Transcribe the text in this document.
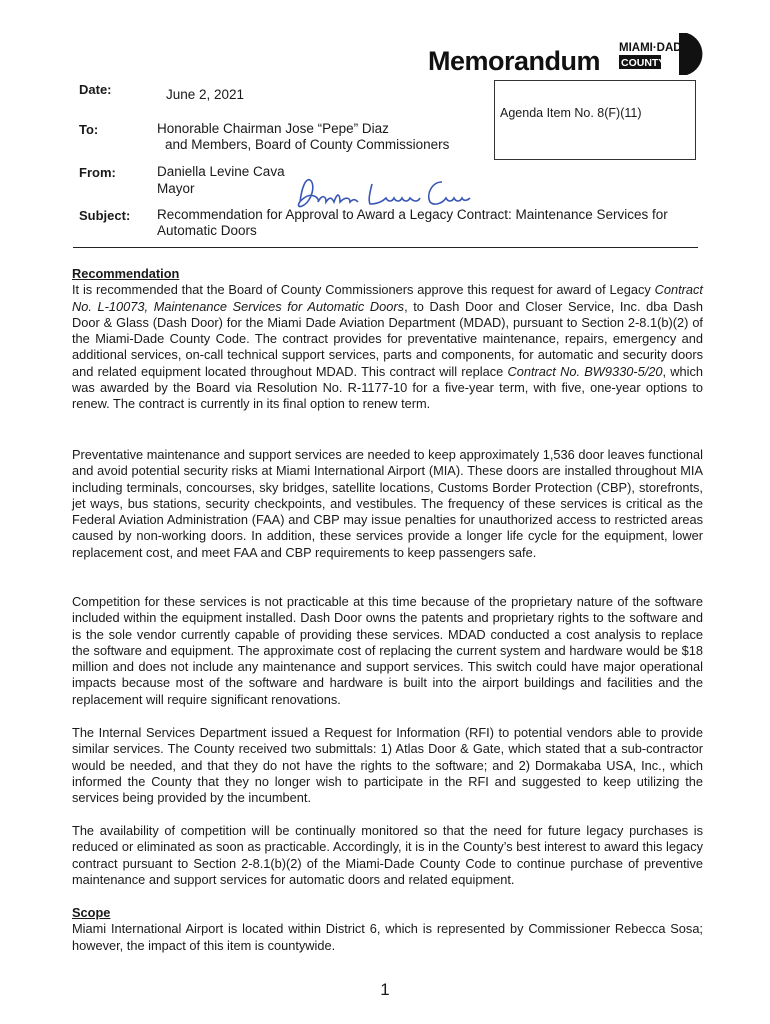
Memorandum MIAMI·DADE
COUNTY
Agenda Item No. 8(F)(11)
Date:	June 2, 2021
To:	Honorable Chairman Jose “Pepe” Diaz
and Members, Board of County Commissioners
From:	Daniella Levine Cava
Mayor
Subject: Recommendation for Approval to Award a Legacy Contract: Maintenance Services for Automatic Doors

Recommendation

It is recommended that the Board of County Commissioners approve this request for award of Legacy Contract No. L-10073, Maintenance Services for Automatic Doors, to Dash Door and Closer Service, Inc. dba Dash Door & Glass (Dash Door) for the Miami Dade Aviation Department (MDAD), pursuant to Section 2-8.1(b)(2) of the Miami-Dade County Code. The contract provides for preventative maintenance, repairs, emergency and additional services, on-call technical support services, parts and components, for automatic and security doors and related equipment located throughout MDAD. This contract will replace Contract No. BW9330-5/20, which was awarded by the Board via Resolution No. R-1177-10 for a five-year term, with five, one-year options to renew. The contract is currently in its final option to renew term.

Preventative maintenance and support services are needed to keep approximately 1,536 door leaves functional and avoid potential security risks at Miami International Airport (MIA). These doors are installed throughout MIA including terminals, concourses, sky bridges, satellite locations, Customs Border Protection (CBP), storefronts, jet ways, bus stations, security checkpoints, and vestibules. The frequency of these services is critical as the Federal Aviation Administration (FAA) and CBP may issue penalties for unauthorized access to restricted areas caused by non-working doors. In addition, these services provide a longer life cycle for the equipment, lower replacement cost, and meet FAA and CBP requirements to keep passengers safe.
Competition for these services is not practicable at this time because of the proprietary nature of the software included within the equipment installed. Dash Door owns the patents and proprietary rights to the software and is the sole vendor currently capable of providing these services. MDAD conducted a cost analysis to replace the software and equipment. The approximate cost of replacing the current system and hardware would be $18 million and does not include any maintenance and support services. This switch could have major operational impacts because most of the software and hardware is built into the airport buildings and facilities and the replacement will require significant renovations.
The Internal Services Department issued a Request for Information (RFI) to potential vendors able to provide similar services. The County received two submittals: 1) Atlas Door & Gate, which stated that a sub-contractor would be needed, and that they do not have the rights to the software; and 2) Dormakaba USA, Inc., which informed the County that they no longer wish to participate in the RFI and suggested to keep utilizing the services being provided by the incumbent.
The availability of competition will be continually monitored so that the need for future legacy purchases is reduced or eliminated as soon as practicable. Accordingly, it is in the County’s best interest to award this legacy contract pursuant to Section 2-8.1(b)(2) of the Miami-Dade County Code to continue purchase of preventive maintenance and support services for automatic doors and related equipment.

Scope

Miami International Airport is located within District 6, which is represented by Commissioner Rebecca Sosa; however, the impact of this item is countywide.

1
